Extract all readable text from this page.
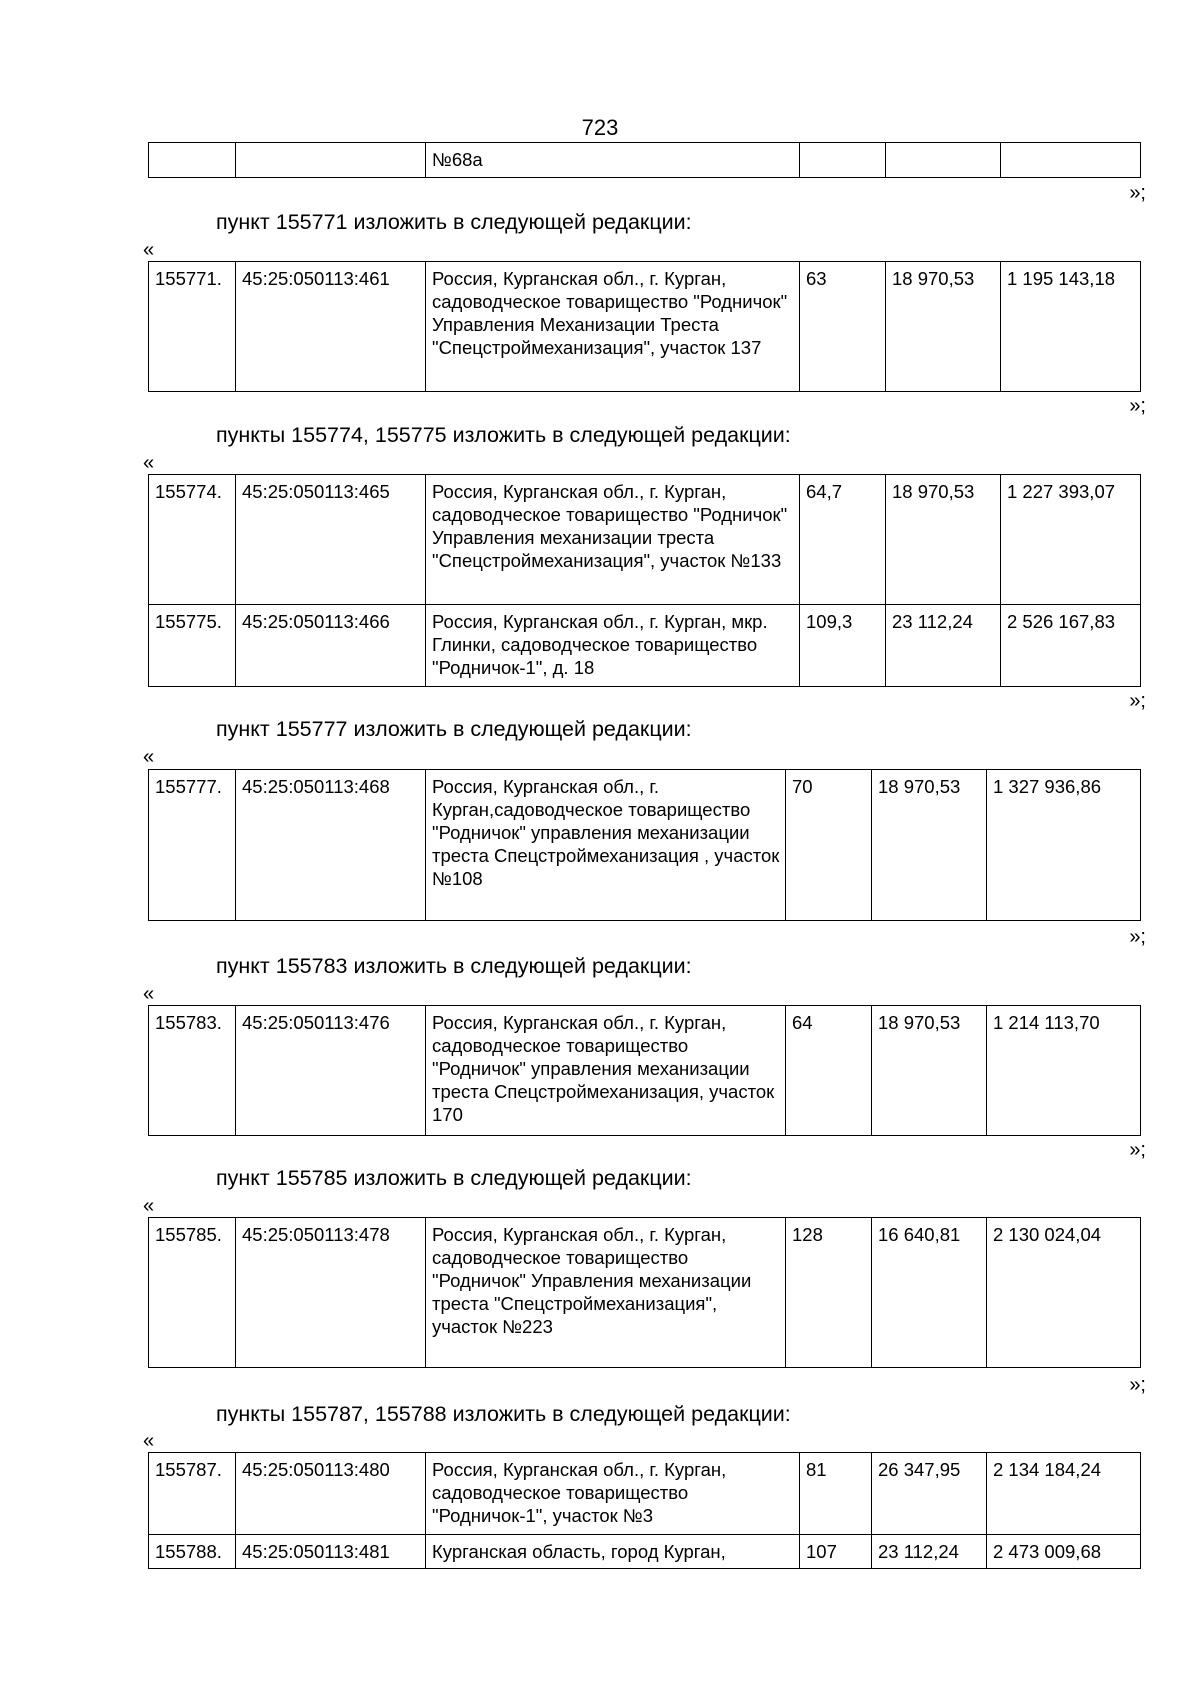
723
		№68а			
»;
пункт 155771 изложить в следующей редакции:
«
155771.	45:25:050113:461	Россия, Курганская обл., г. Курган, садоводческое товарищество "Родничок" Управления Механизации Треста "Спецстроймеханизация", участок 137	63	18 970,53	1 195 143,18
»;
пункты 155774, 155775 изложить в следующей редакции:
«
155774.	45:25:050113:465	Россия, Курганская обл., г. Курган, садоводческое товарищество "Родничок" Управления механизации треста "Спецстроймеханизация", участок №133	64,7	18 970,53	1 227 393,07
155775.	45:25:050113:466	Россия, Курганская обл., г. Курган, мкр. Глинки, садоводческое товарищество "Родничок-1", д. 18	109,3	23 112,24	2 526 167,83
»;
пункт 155777 изложить в следующей редакции:
«
155777.	45:25:050113:468	Россия, Курганская обл., г. Курган,садоводческое товарищество "Родничок" управления механизации треста Спецстроймеханизация , участок №108	70	18 970,53	1 327 936,86
»;
пункт 155783 изложить в следующей редакции:
«
155783.	45:25:050113:476	Россия, Курганская обл., г. Курган, садоводческое товарищество "Родничок" управления механизации треста Спецстроймеханизация, участок 170	64	18 970,53	1 214 113,70
»;
пункт 155785 изложить в следующей редакции:
«
155785.	45:25:050113:478	Россия, Курганская обл., г. Курган, садоводческое товарищество "Родничок" Управления механизации треста "Спецстроймеханизация", участок №223	128	16 640,81	2 130 024,04
»;
пункты 155787, 155788 изложить в следующей редакции:
«
155787.	45:25:050113:480	Россия, Курганская обл., г. Курган, садоводческое товарищество "Родничок-1", участок №3	81	26 347,95	2 134 184,24
155788.	45:25:050113:481	Курганская область, город Курган,	107	23 112,24	2 473 009,68
